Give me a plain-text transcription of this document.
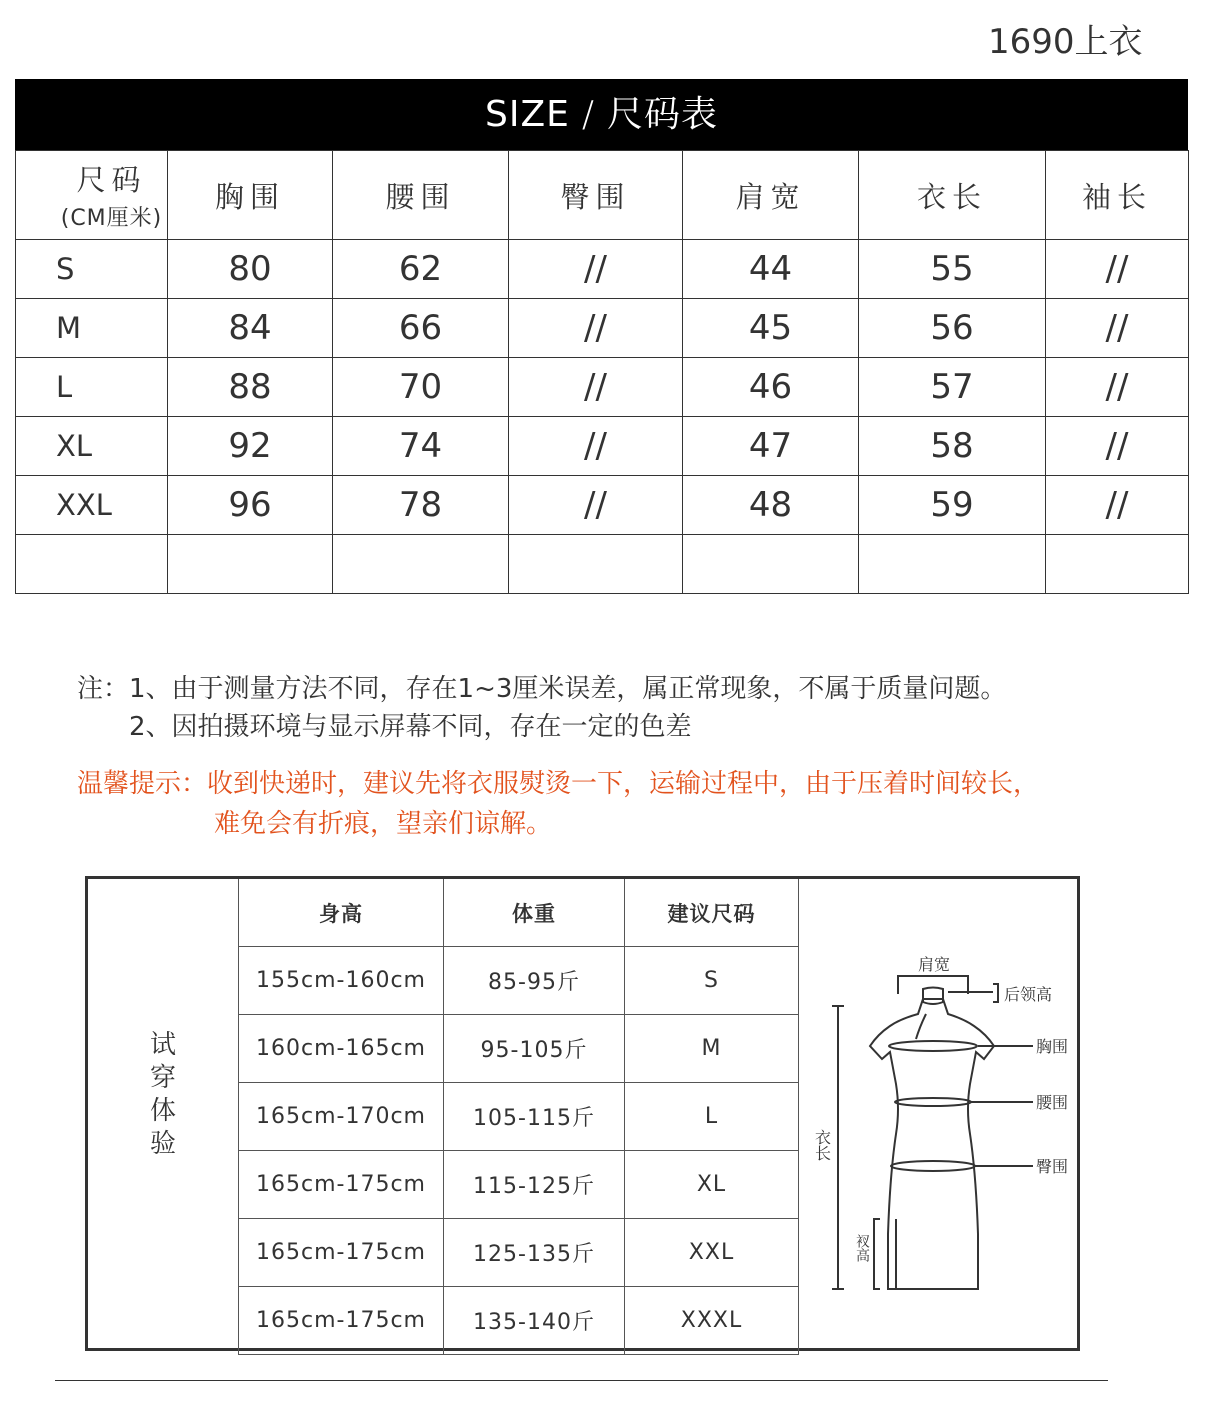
1690上衣
SIZE / 尺码表
尺码
(CM厘米)	胸围	腰围	臀围	肩宽	衣长	袖长
S	80	62	//	44	55	//
M	84	66	//	45	56	//
L	88	70	//	46	57	//
XL	92	74	//	47	58	//
XXL	96	78	//	48	59	//

注：1、由于测量方法不同，存在1~3厘米误差，属正常现象，不属于质量问题。
2、因拍摄环境与显示屏幕不同，存在一定的色差
温馨提示：收到快递时，建议先将衣服熨烫一下，运输过程中，由于压着时间较长，
难免会有折痕，望亲们谅解。
试穿体验
身高	体重	建议尺码
155cm-160cm	85-95斤	S
160cm-165cm	95-105斤	M
165cm-170cm	105-115斤	L
165cm-175cm	115-125斤	XL
165cm-175cm	125-135斤	XXL
165cm-175cm	135-140斤	XXXL
肩宽
后领高
胸围
腰围
臀围
衣长
衩高
